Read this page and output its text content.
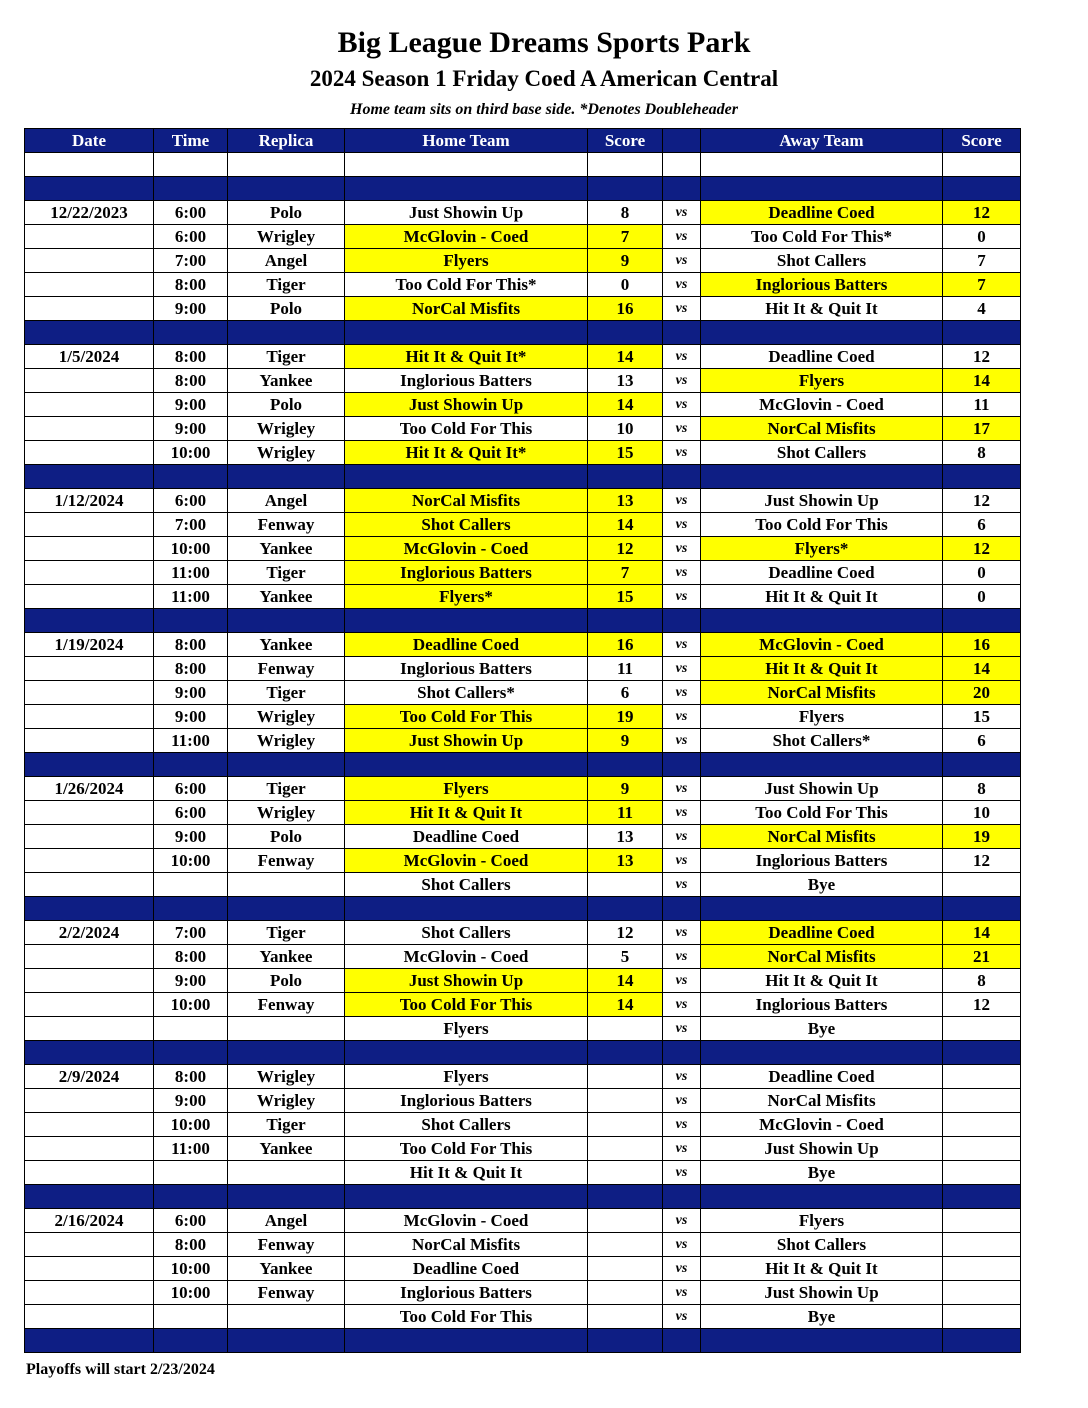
Big League Dreams Sports Park
2024 Season 1 Friday Coed A American Central
Home team sits on third base side. *Denotes Doubleheader
Date	Time	Replica	Home Team	Score		Away Team	Score

12/22/2023	6:00	Polo	Just Showin Up	8	vs	Deadline Coed	12
	6:00	Wrigley	McGlovin - Coed	7	vs	Too Cold For This*	0
	7:00	Angel	Flyers	9	vs	Shot Callers	7
	8:00	Tiger	Too Cold For This*	0	vs	Inglorious Batters	7
	9:00	Polo	NorCal Misfits	16	vs	Hit It & Quit It	4

1/5/2024	8:00	Tiger	Hit It & Quit It*	14	vs	Deadline Coed	12
	8:00	Yankee	Inglorious Batters	13	vs	Flyers	14
	9:00	Polo	Just Showin Up	14	vs	McGlovin - Coed	11
	9:00	Wrigley	Too Cold For This	10	vs	NorCal Misfits	17
	10:00	Wrigley	Hit It & Quit It*	15	vs	Shot Callers	8

1/12/2024	6:00	Angel	NorCal Misfits	13	vs	Just Showin Up	12
	7:00	Fenway	Shot Callers	14	vs	Too Cold For This	6
	10:00	Yankee	McGlovin - Coed	12	vs	Flyers*	12
	11:00	Tiger	Inglorious Batters	7	vs	Deadline Coed	0
	11:00	Yankee	Flyers*	15	vs	Hit It & Quit It	0

1/19/2024	8:00	Yankee	Deadline Coed	16	vs	McGlovin - Coed	16
	8:00	Fenway	Inglorious Batters	11	vs	Hit It & Quit It	14
	9:00	Tiger	Shot Callers*	6	vs	NorCal Misfits	20
	9:00	Wrigley	Too Cold For This	19	vs	Flyers	15
	11:00	Wrigley	Just Showin Up	9	vs	Shot Callers*	6

1/26/2024	6:00	Tiger	Flyers	9	vs	Just Showin Up	8
	6:00	Wrigley	Hit It & Quit It	11	vs	Too Cold For This	10
	9:00	Polo	Deadline Coed	13	vs	NorCal Misfits	19
	10:00	Fenway	McGlovin - Coed	13	vs	Inglorious Batters	12
			Shot Callers		vs	Bye	

2/2/2024	7:00	Tiger	Shot Callers	12	vs	Deadline Coed	14
	8:00	Yankee	McGlovin - Coed	5	vs	NorCal Misfits	21
	9:00	Polo	Just Showin Up	14	vs	Hit It & Quit It	8
	10:00	Fenway	Too Cold For This	14	vs	Inglorious Batters	12
			Flyers		vs	Bye	

2/9/2024	8:00	Wrigley	Flyers		vs	Deadline Coed	
	9:00	Wrigley	Inglorious Batters		vs	NorCal Misfits	
	10:00	Tiger	Shot Callers		vs	McGlovin - Coed	
	11:00	Yankee	Too Cold For This		vs	Just Showin Up	
			Hit It & Quit It		vs	Bye	

2/16/2024	6:00	Angel	McGlovin - Coed		vs	Flyers	
	8:00	Fenway	NorCal Misfits		vs	Shot Callers	
	10:00	Yankee	Deadline Coed		vs	Hit It & Quit It	
	10:00	Fenway	Inglorious Batters		vs	Just Showin Up	
			Too Cold For This		vs	Bye	

Playoffs will start 2/23/2024
